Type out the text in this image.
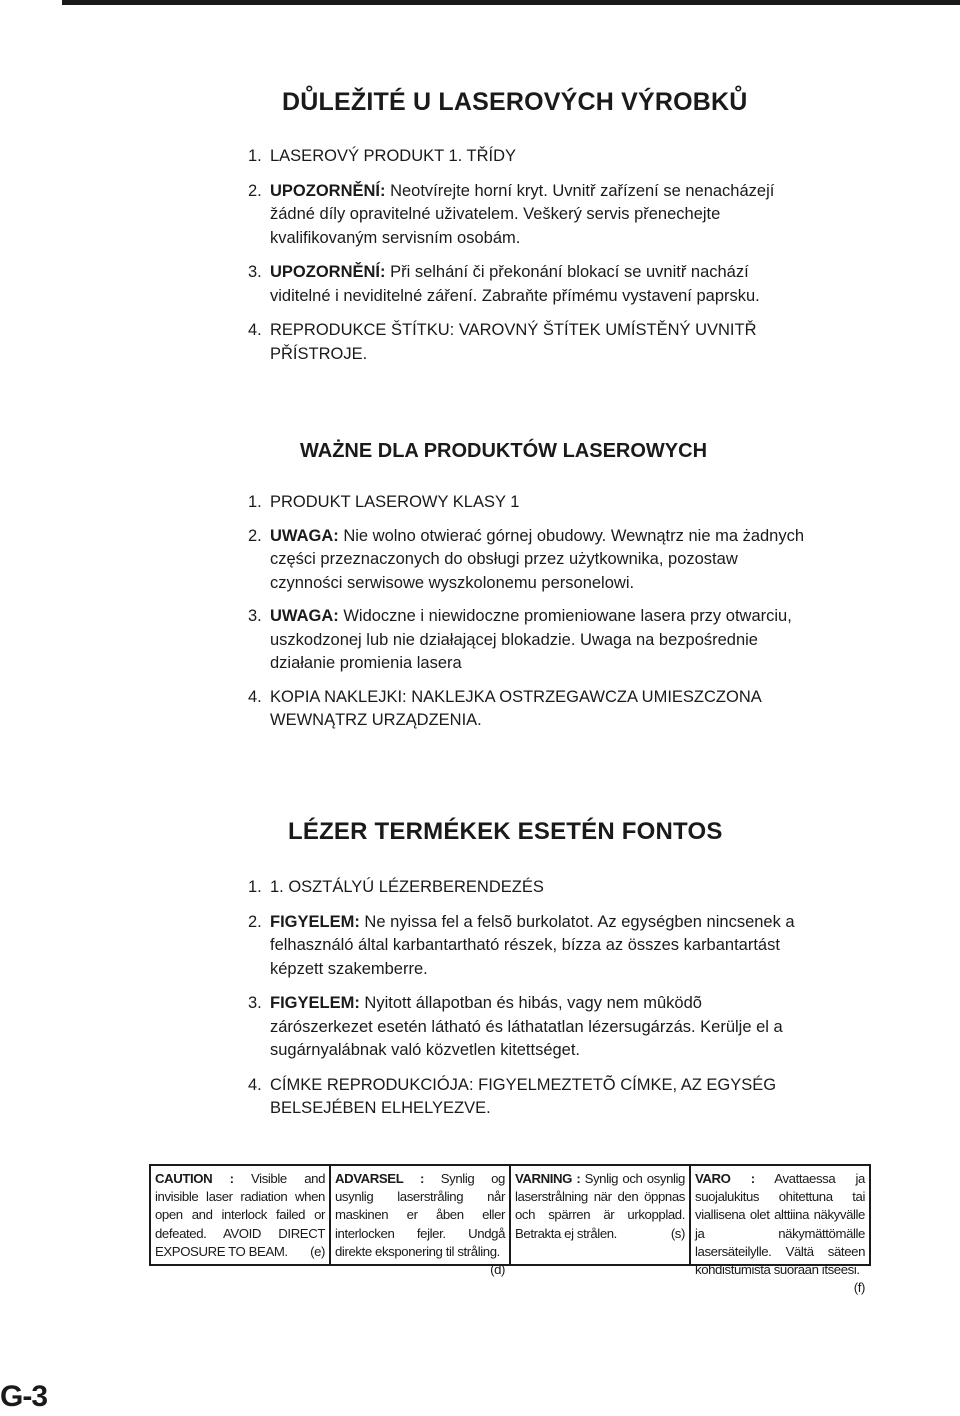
DŮLEŽITÉ U LASEROVÝCH VÝROBKŮ

1. LASEROVÝ PRODUKT 1. TŘÍDY

2. UPOZORNĚNÍ: Neotvírejte horní kryt. Uvnitř zařízení se nenacházejí žádné díly opravitelné uživatelem. Veškerý servis přenechejte kvalifikovaným servisním osobám.

3. UPOZORNĚNÍ: Při selhání či překonání blokací se uvnitř nachází viditelné i neviditelné záření. Zabraňte přímému vystavení paprsku.

4. REPRODUKCE ŠTÍTKU: VAROVNÝ ŠTÍTEK UMÍSTĚNÝ UVNITŘ PŘÍSTROJE.

WAŻNE DLA PRODUKTÓW LASEROWYCH

1. PRODUKT LASEROWY KLASY 1

2. UWAGA: Nie wolno otwierać górnej obudowy. Wewnątrz nie ma żadnych części przeznaczonych do obsługi przez użytkownika, pozostaw czynności serwisowe wyszkolonemu personelowi.

3. UWAGA: Widoczne i niewidoczne promieniowane lasera przy otwarciu, uszkodzonej lub nie działającej blokadzie. Uwaga na bezpośrednie działanie promienia lasera

4. KOPIA NAKLEJKI: NAKLEJKA OSTRZEGAWCZA UMIESZCZONA WEWNĄTRZ URZĄDZENIA.

LÉZER TERMÉKEK ESETÉN FONTOS

1. 1. OSZTÁLYÚ LÉZERBERENDEZÉS

2. FIGYELEM: Ne nyissa fel a felsõ burkolatot. Az egységben nincsenek a felhasználó által karbantartható részek, bízza az összes karbantartást képzett szakemberre.

3. FIGYELEM: Nyitott állapotban és hibás, vagy nem mûködõ zárószerkezet esetén látható és láthatatlan lézersugárzás. Kerülje el a sugárnyalábnak való közvetlen kitettséget.

4. CÍMKE REPRODUKCIÓJA: FIGYELMEZTETÕ CÍMKE, AZ EGYSÉG BELSEJÉBEN ELHELYEZVE.

CAUTION : Visible and invisible laser radiation when open and interlock failed or defeated. AVOID DIRECT EXPOSURE TO BEAM. (e)
ADVARSEL : Synlig og usynlig laserstråling når maskinen er åben eller interlocken fejler. Undgå direkte eksponering til stråling.
(d)
VARNING : Synlig och osynlig laserstrålning när den öppnas och spärren är urkopplad. Betrakta ej strålen.	(s)
VARO : Avattaessa ja suojalukitus ohitettuna tai viallisena olet alttiina näkyvälle ja näkymättömälle lasersäteilylle. Vältä säteen kohdistumista suoraan itseesi.
(f)
G-3
